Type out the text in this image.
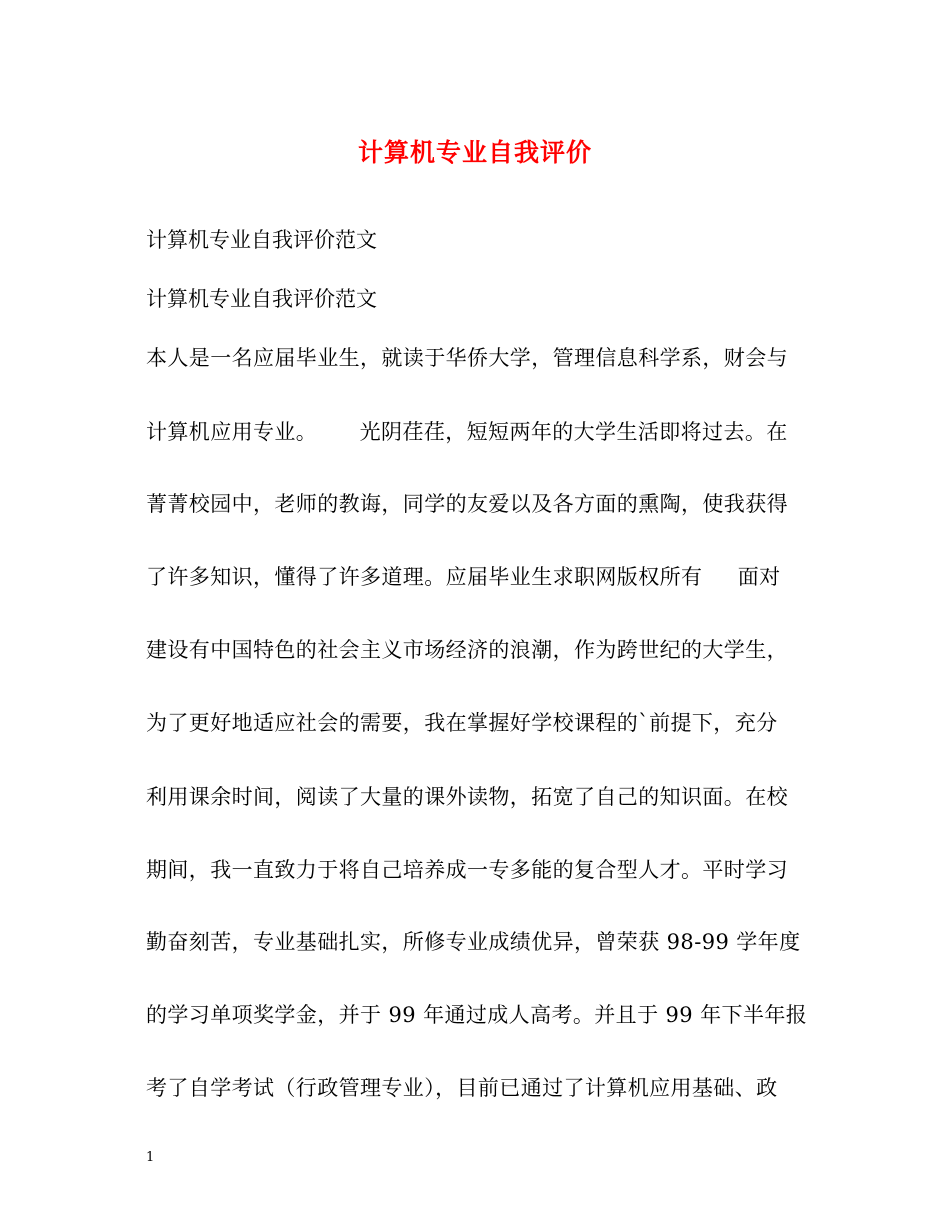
计算机专业自我评价
计算机专业自我评价范文
计算机专业自我评价范文
本人是一名应届毕业生，就读于华侨大学，管理信息科学系，财会与
计算机应用专业。      光阴荏荏，短短两年的大学生活即将过去。在
菁菁校园中，老师的教诲，同学的友爱以及各方面的熏陶，使我获得
了许多知识，懂得了许多道理。应届毕业生求职网版权所有     面对
建设有中国特色的社会主义市场经济的浪潮，作为跨世纪的大学生，
为了更好地适应社会的需要，我在掌握好学校课程的`前提下，充分
利用课余时间，阅读了大量的课外读物，拓宽了自己的知识面。在校
期间，我一直致力于将自己培养成一专多能的复合型人才。平时学习
勤奋刻苦，专业基础扎实，所修专业成绩优异，曾荣获 98-99 学年度
的学习单项奖学金，并于 99 年通过成人高考。并且于 99 年下半年报
考了自学考试（行政管理专业），目前已通过了计算机应用基础、政
1
